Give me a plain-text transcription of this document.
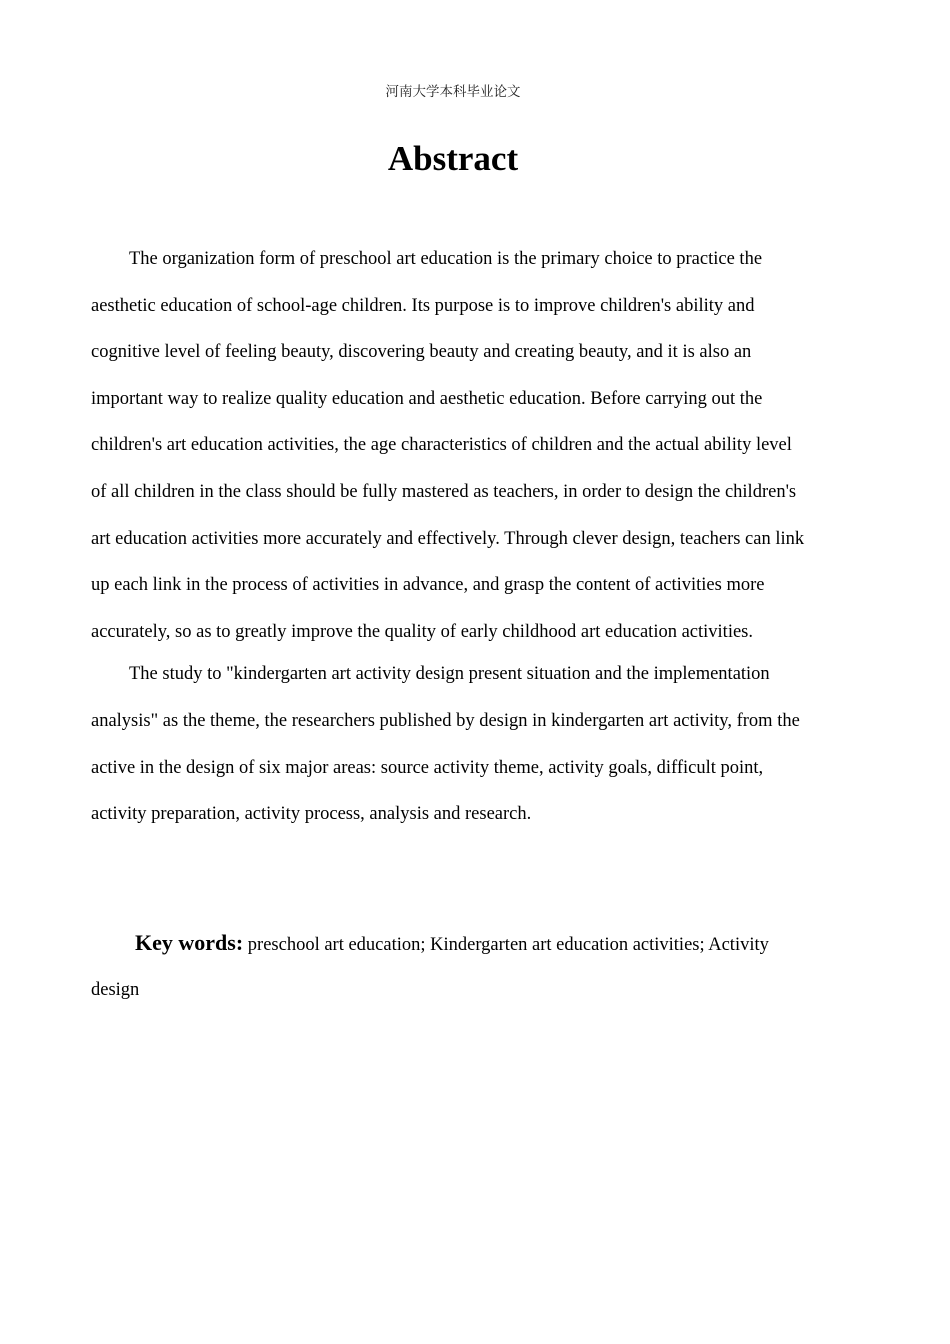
河南大学本科毕业论文
Abstract

The organization form of preschool art education is the primary choice to practice the aesthetic education of school-age children. Its purpose is to improve children's ability and cognitive level of feeling beauty, discovering beauty and creating beauty, and it is also an important way to realize quality education and aesthetic education. Before carrying out the children's art education activities, the age characteristics of children and the actual ability level of all children in the class should be fully mastered as teachers, in order to design the children's art education activities more accurately and effectively. Through clever design, teachers can link up each link in the process of activities in advance, and grasp the content of activities more accurately, so as to greatly improve the quality of early childhood art education activities.

The study to "kindergarten art activity design present situation and the implementation analysis" as the theme, the researchers published by design in kindergarten art activity, from the active in the design of six major areas: source activity theme, activity goals, difficult point, activity preparation, activity process, analysis and research.

Key words: preschool art education; Kindergarten art education activities; Activity design
